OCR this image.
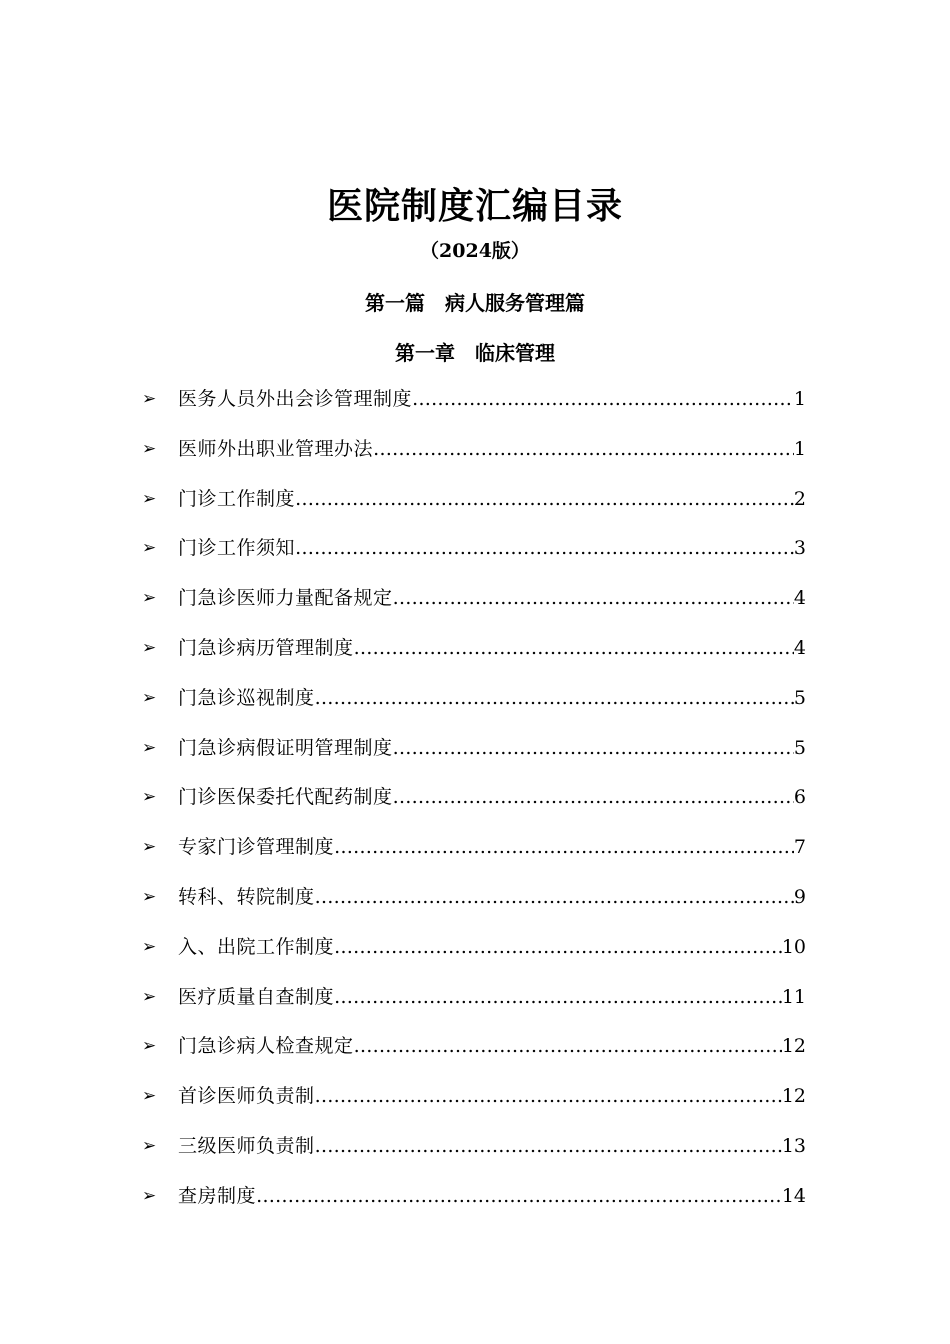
医院制度汇编目录
（2024版）
第一篇　病人服务管理篇
第一章　临床管理
➢	医务人员外出会诊管理制度 …………………………………………………………………………………………………………………………………………………………………………………	1
➢	医师外出职业管理办法 …………………………………………………………………………………………………………………………………………………………………………………	1
➢	门诊工作制度 …………………………………………………………………………………………………………………………………………………………………………………	2
➢	门诊工作须知 …………………………………………………………………………………………………………………………………………………………………………………	3
➢	门急诊医师力量配备规定 …………………………………………………………………………………………………………………………………………………………………………………	4
➢	门急诊病历管理制度 …………………………………………………………………………………………………………………………………………………………………………………	4
➢	门急诊巡视制度 …………………………………………………………………………………………………………………………………………………………………………………	5
➢	门急诊病假证明管理制度 …………………………………………………………………………………………………………………………………………………………………………………	5
➢	门诊医保委托代配药制度 …………………………………………………………………………………………………………………………………………………………………………………	6
➢	专家门诊管理制度 …………………………………………………………………………………………………………………………………………………………………………………	7
➢	转科、转院制度 …………………………………………………………………………………………………………………………………………………………………………………	9
➢	入、出院工作制度 …………………………………………………………………………………………………………………………………………………………………………………	10
➢	医疗质量自查制度 …………………………………………………………………………………………………………………………………………………………………………………	11
➢	门急诊病人检查规定 …………………………………………………………………………………………………………………………………………………………………………………	12
➢	首诊医师负责制 …………………………………………………………………………………………………………………………………………………………………………………	12
➢	三级医师负责制 …………………………………………………………………………………………………………………………………………………………………………………	13
➢	查房制度 …………………………………………………………………………………………………………………………………………………………………………………	14
